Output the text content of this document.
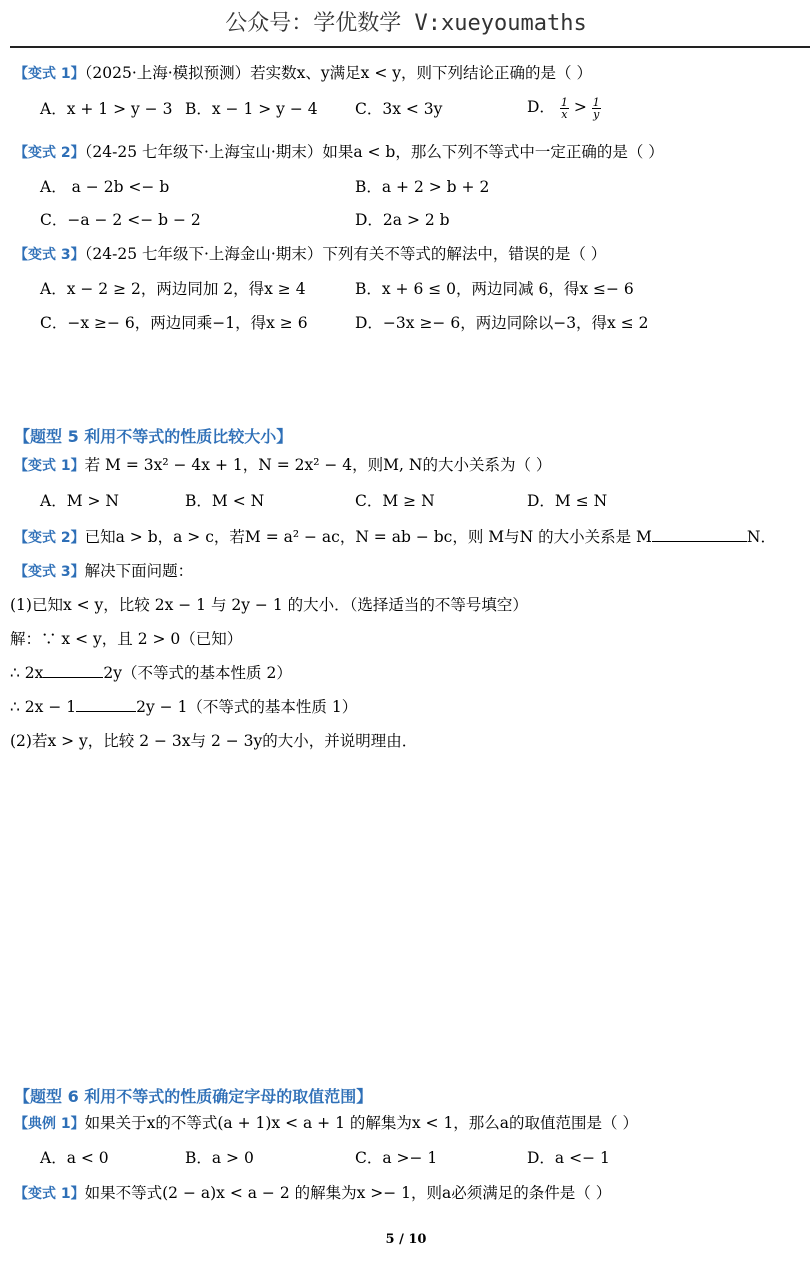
公众号：学优数学 V:xueyoumaths
【变式 1】（2025·上海·模拟预测）若实数x、y满足x < y，则下列结论正确的是（ ）
A．x + 1 > y − 3 B．x − 1 > y − 4 C．3x < 3y	D． $\frac{1}{x} > \frac{1}{y}$
【变式 2】（24-25 七年级下·上海宝山·期末）如果a < b，那么下列不等式中一定正确的是（ ）
A． a − 2b <− b	B．a + 2 > b + 2
C．−a − 2 <− b − 2	D．2a > 2 b
【变式 3】（24-25 七年级下·上海金山·期末）下列有关不等式的解法中，错误的是（ ）
A．x − 2 ≥ 2，两边同加 2，得x ≥ 4	B．x + 6 ≤ 0，两边同减 6，得x ≤− 6
C．−x ≥− 6，两边同乘−1，得x ≥ 6	D．−3x ≥− 6，两边同除以−3，得x ≤ 2
【题型 5 利用不等式的性质比较大小】
【变式 1】若 M = 3x² − 4x + 1，N = 2x² − 4，则M, N的大小关系为（ ）
A．M > N	B．M < N	C．M ≥ N	D．M ≤ N
【变式 2】已知a > b，a > c，若M = a² − ac，N = ab − bc，则 M与N 的大小关系是 M	N．
【变式 3】解决下面问题：
(1)已知x < y，比较 2x − 1 与 2y − 1 的大小．（选择适当的不等号填空）
解：∵ x < y，且 2 > 0（已知）
∴ 2x	2y（不等式的基本性质 2）
∴ 2x − 1	2y − 1（不等式的基本性质 1）
(2)若x > y，比较 2 − 3x与 2 − 3y的大小，并说明理由．
【题型 6 利用不等式的性质确定字母的取值范围】
【典例 1】如果关于x的不等式(a + 1)x < a + 1 的解集为x < 1，那么a的取值范围是（ ）
A．a < 0	B．a > 0	C．a >− 1	D．a <− 1
【变式 1】如果不等式(2 − a)x < a − 2 的解集为x >− 1，则a必须满足的条件是（ ）
5 / 10
